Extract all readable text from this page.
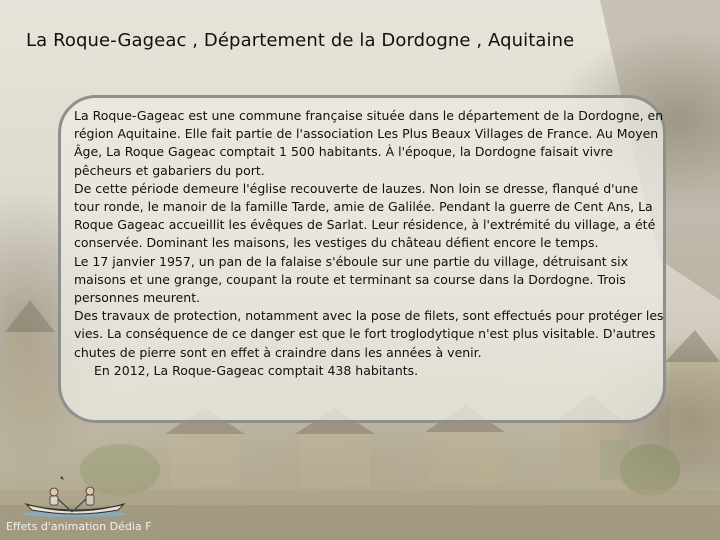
La Roque-Gageac , Département de la Dordogne , Aquitaine

La Roque-Gageac est une commune française située dans le département de la Dordogne, en région Aquitaine. Elle fait partie de l'association Les Plus Beaux Villages de France. Au Moyen Âge, La Roque Gageac comptait 1 500 habitants. À l'époque, la Dordogne faisait vivre pêcheurs et gabariers du port.

De cette période demeure l'église recouverte de lauzes. Non loin se dresse, flanqué d'une tour ronde, le manoir de la famille Tarde, amie de Galilée. Pendant la guerre de Cent Ans, La Roque Gageac accueillit les évêques de Sarlat. Leur résidence, à l'extrémité du village, a été conservée. Dominant les maisons, les vestiges du château défient encore le temps.

Le 17 janvier 1957, un pan de la falaise s'éboule sur une partie du village, détruisant six maisons et une grange, coupant la route et terminant sa course dans la Dordogne. Trois personnes meurent.

Des travaux de protection, notamment avec la pose de filets, sont effectués pour protéger les vies. La conséquence de ce danger est que le fort troglodytique n'est plus visitable. D'autres chutes de pierre sont en effet à craindre dans les années à venir.

En 2012, La Roque-Gageac comptait 438 habitants.

Effets d'animation Dédia F
